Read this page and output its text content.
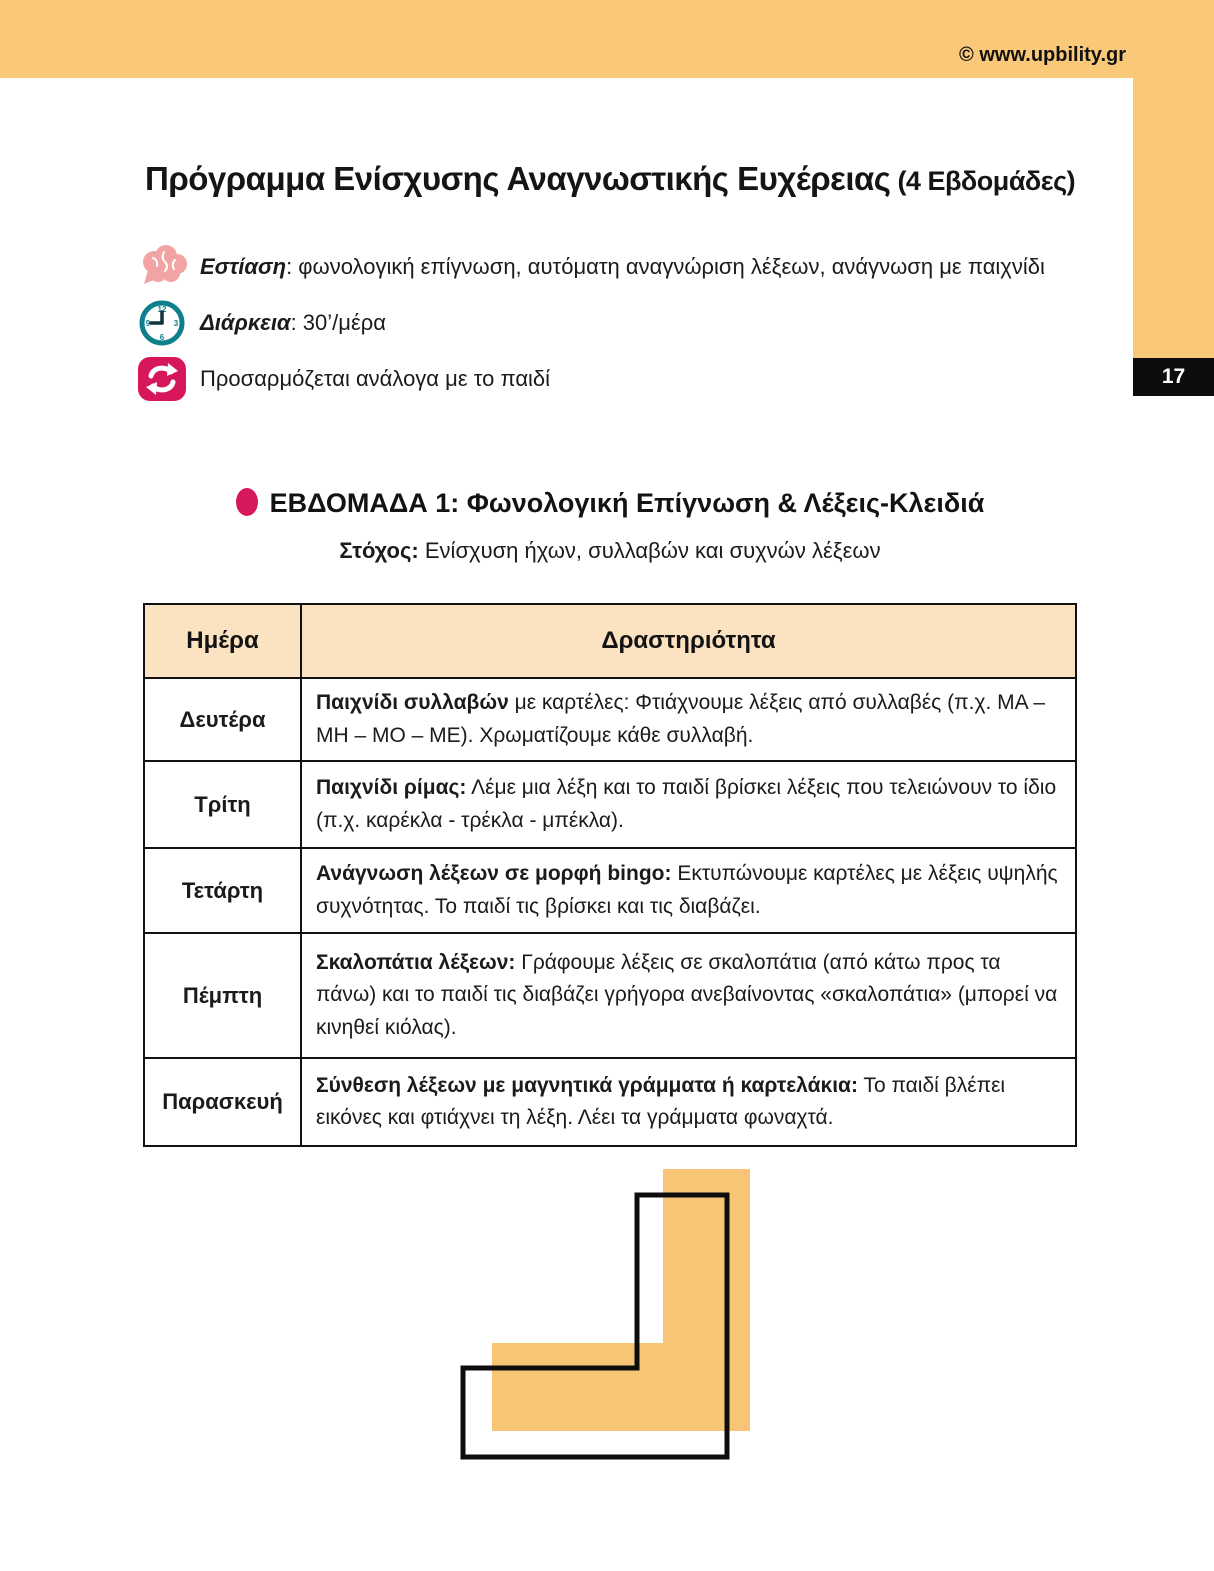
© www.upbility.gr
17
Πρόγραμμα Ενίσχυσης Αναγνωστικής Ευχέρειας (4 Εβδομάδες)
Εστίαση: φωνολογική επίγνωση, αυτόματη αναγνώριση λέξεων, ανάγνωση με παιχνίδι
12
3
6
9 Διάρκεια: 30’/μέρα
Προσαρμόζεται ανάλογα με το παιδί
ΕΒΔΟΜΑΔΑ 1: Φωνολογική Επίγνωση & Λέξεις-Κλειδιά
Στόχος: Ενίσχυση ήχων, συλλαβών και συχνών λέξεων
Ημέρα	Δραστηριότητα
Δευτέρα	Παιχνίδι συλλαβών με καρτέλες: Φτιάχνουμε λέξεις από συλλαβές (π.χ. ΜΑ – ΜΗ – ΜΟ – ΜΕ). Χρωματίζουμε κάθε συλλαβή.
Τρίτη	Παιχνίδι ρίμας: Λέμε μια λέξη και το παιδί βρίσκει λέξεις που τελειώνουν το ίδιο (π.χ. καρέκλα - τρέκλα - μπέκλα).
Τετάρτη	Ανάγνωση λέξεων σε μορφή bingo: Εκτυπώνουμε καρτέλες με λέξεις υψηλής συχνότητας. Το παιδί τις βρίσκει και τις διαβάζει.
Πέμπτη	Σκαλοπάτια λέξεων: Γράφουμε λέξεις σε σκαλοπάτια (από κάτω προς τα πάνω) και το παιδί τις διαβάζει γρήγορα ανεβαίνοντας «σκαλοπάτια» (μπορεί να κινηθεί κιόλας).
Παρασκευή	Σύνθεση λέξεων με μαγνητικά γράμματα ή καρτελάκια: Το παιδί βλέπει εικόνες και φτιάχνει τη λέξη. Λέει τα γράμματα φωναχτά.
